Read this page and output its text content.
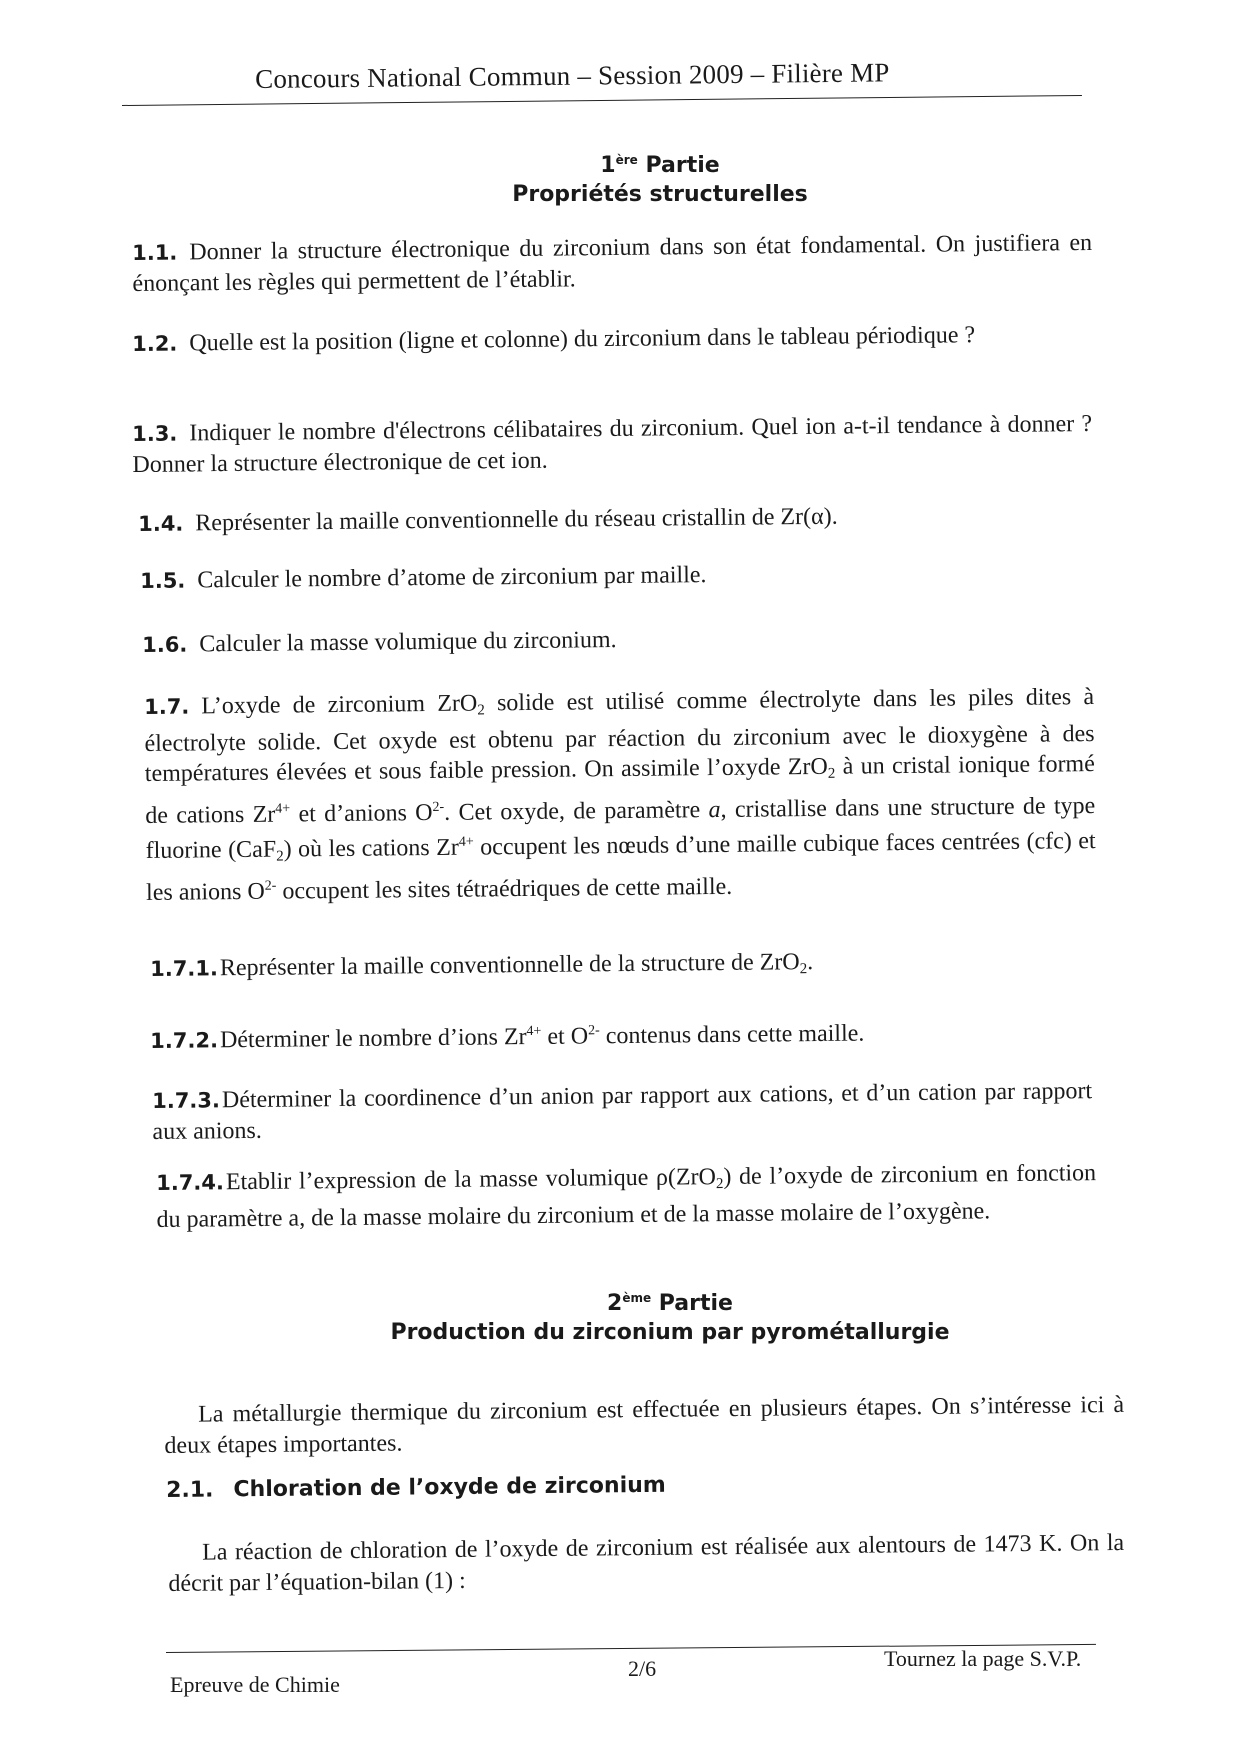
Concours National Commun – Session 2009 – Filière MP
1ère Partie
Propriétés structurelles
1.1. Donner la structure électronique du zirconium dans son état fondamental. On justifiera en énonçant les règles qui permettent de l’établir.
1.2. Quelle est la position (ligne et colonne) du zirconium dans le tableau périodique ?
1.3. Indiquer le nombre d'électrons célibataires du zirconium. Quel ion a-t-il tendance à donner ? Donner la structure électronique de cet ion.
1.4. Représenter la maille conventionnelle du réseau cristallin de Zr(α).
1.5. Calculer le nombre d’atome de zirconium par maille.
1.6. Calculer la masse volumique du zirconium.
1.7. L’oxyde de zirconium ZrO$_2$ solide est utilisé comme électrolyte dans les piles dites à électrolyte solide. Cet oxyde est obtenu par réaction du zirconium avec le dioxygène à des températures élevées et sous faible pression. On assimile l’oxyde ZrO$_2$ à un cristal ionique formé de cations $Zr^{4+}$ et d’anions $O^{2-}$. Cet oxyde, de paramètre a, cristallise dans une structure de type fluorine (CaF$_2$) où les cations $Zr^{4+}$ occupent les nœuds d’une maille cubique faces centrées (cfc) et les anions $O^{2-}$ occupent les sites tétraédriques de cette maille.
1.7.1.Représenter la maille conventionnelle de la structure de ZrO$_2$.
1.7.2.Déterminer le nombre d’ions $Zr^{4+}$ et $O^{2-}$ contenus dans cette maille.
1.7.3.Déterminer la coordinence d’un anion par rapport aux cations, et d’un cation par rapport aux anions.
1.7.4.Etablir l’expression de la masse volumique ρ(ZrO$_2$) de l’oxyde de zirconium en fonction du paramètre a, de la masse molaire du zirconium et de la masse molaire de l’oxygène.
2ème Partie
Production du zirconium par pyrométallurgie
La métallurgie thermique du zirconium est effectuée en plusieurs étapes. On s’intéresse ici à deux étapes importantes.
2.1. Chloration de l’oxyde de zirconium
La réaction de chloration de l’oxyde de zirconium est réalisée aux alentours de 1473 K. On la décrit par l’équation-bilan (1) :
Epreuve de Chimie
2/6	Tournez la page S.V.P.
